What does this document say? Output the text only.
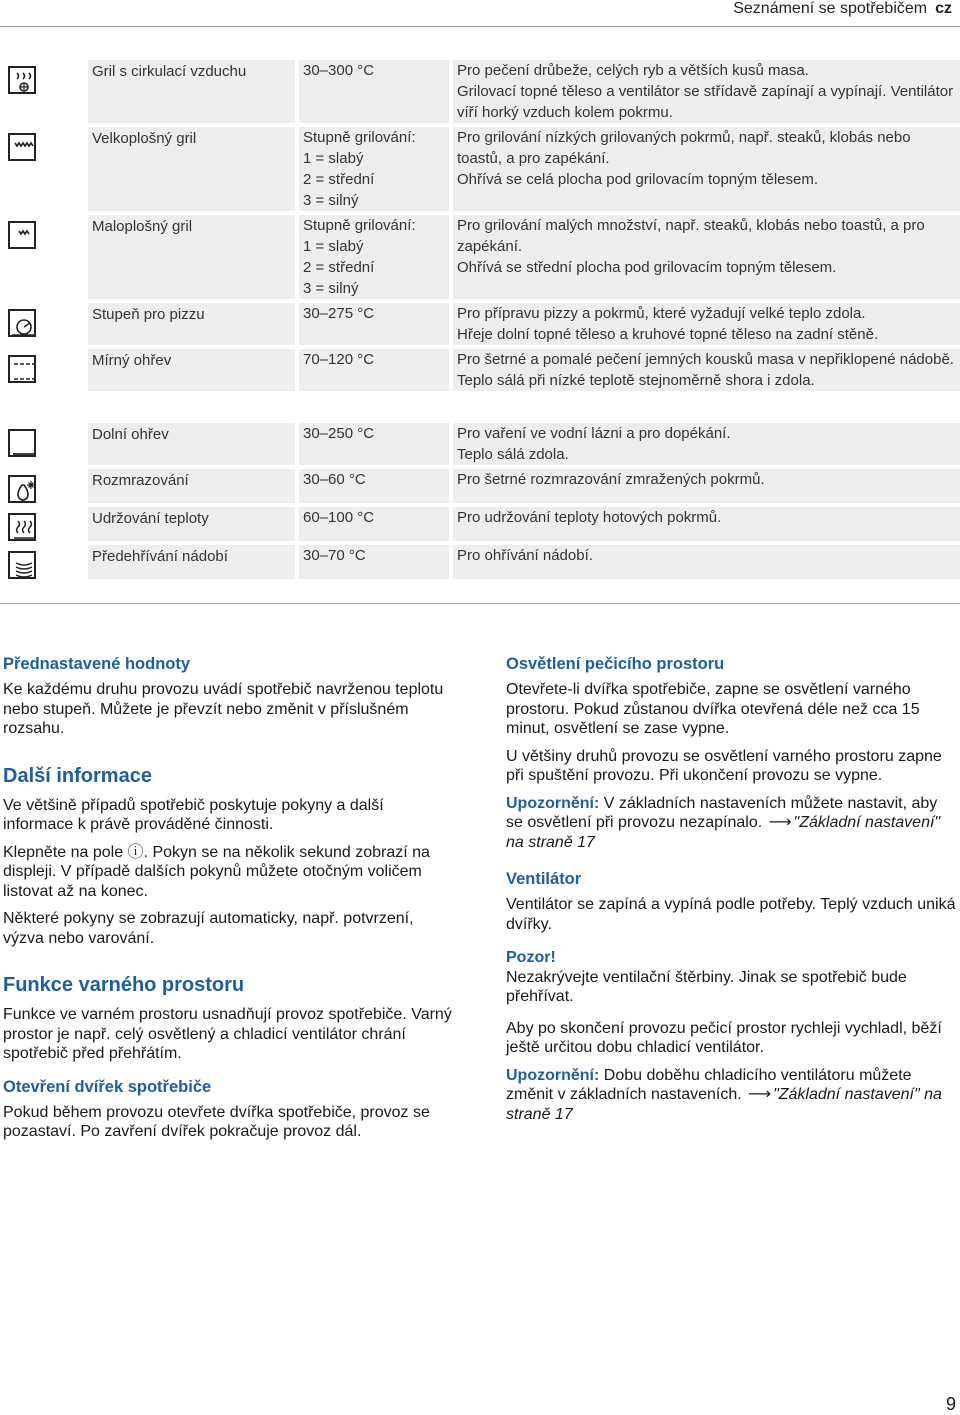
Seznámení se spotřebičem cz
	Gril s cirkulací vzduchu	30–300 °C	Pro pečení drůbeže, celých ryb a větších kusů masa.
Grilovací topné těleso a ventilátor se střídavě zapínají a vypínají. Ventilátor víří horký vzduch kolem pokrmu.

	Velkoplošný gril	Stupně grilování:
1 = slabý
2 = střední
3 = silný	Pro grilování nízkých grilovaných pokrmů, např. steaků, klobás nebo toastů, a pro zapékání.
Ohřívá se celá plocha pod grilovacím topným tělesem.

	Maloplošný gril	Stupně grilování:
1 = slabý
2 = střední
3 = silný	Pro grilování malých množství, např. steaků, klobás nebo toastů, a pro zapékání.
Ohřívá se střední plocha pod grilovacím topným tělesem.

	Stupeň pro pizzu	30–275 °C	Pro přípravu pizzy a pokrmů, které vyžadují velké teplo zdola.
Hřeje dolní topné těleso a kruhové topné těleso na zadní stěně.

	Mírný ohřev	70–120 °C	Pro šetrné a pomalé pečení jemných kousků masa v nepřiklopené nádobě.
Teplo sálá při nízké teplotě stejnoměrně shora i zdola.

	Dolní ohřev	30–250 °C	Pro vaření ve vodní lázni a pro dopékání.
Teplo sálá zdola.

	Rozmrazování	30–60 °C	Pro šetrné rozmrazování zmražených pokrmů.

	Udržování teploty	60–100 °C	Pro udržování teploty hotových pokrmů.

	Předehřívání nádobí	30–70 °C	Pro ohřívání nádobí.

Přednastavené hodnoty

Ke každému druhu provozu uvádí spotřebič navrženou teplotu nebo stupeň. Můžete je převzít nebo změnit v příslušném rozsahu.

Další informace

Ve většině případů spotřebič poskytuje pokyny a další informace k právě prováděné činnosti.

Klepněte na pole ⓘ. Pokyn se na několik sekund zobrazí na displeji. V případě dalších pokynů můžete otočným voličem listovat až na konec.

Některé pokyny se zobrazují automaticky, např. potvrzení, výzva nebo varování.

Funkce varného prostoru

Funkce ve varném prostoru usnadňují provoz spotřebiče. Varný prostor je např. celý osvětlený a chladicí ventilátor chrání spotřebič před přehřátím.

Otevření dvířek spotřebiče

Pokud během provozu otevřete dvířka spotřebiče, provoz se pozastaví. Po zavření dvířek pokračuje provoz dál.

Osvětlení pečicího prostoru

Otevřete-li dvířka spotřebiče, zapne se osvětlení varného prostoru. Pokud zůstanou dvířka otevřená déle než cca 15 minut, osvětlení se zase vypne.

U většiny druhů provozu se osvětlení varného prostoru zapne při spuštění provozu. Při ukončení provozu se vypne.

Upozornění: V základních nastaveních můžete nastavit, aby se osvětlení při provozu nezapínalo. ⟶ "Základní nastavení" na straně 17

Ventilátor

Ventilátor se zapíná a vypíná podle potřeby. Teplý vzduch uniká dvířky.

Pozor!
Nezakrývejte ventilační štěrbiny. Jinak se spotřebič bude přehřívat.

Aby po skončení provozu pečicí prostor rychleji vychladl, běží ještě určitou dobu chladicí ventilátor.

Upozornění: Dobu doběhu chladicího ventilátoru můžete změnit v základních nastaveních. ⟶ "Základní nastavení" na straně 17

9
